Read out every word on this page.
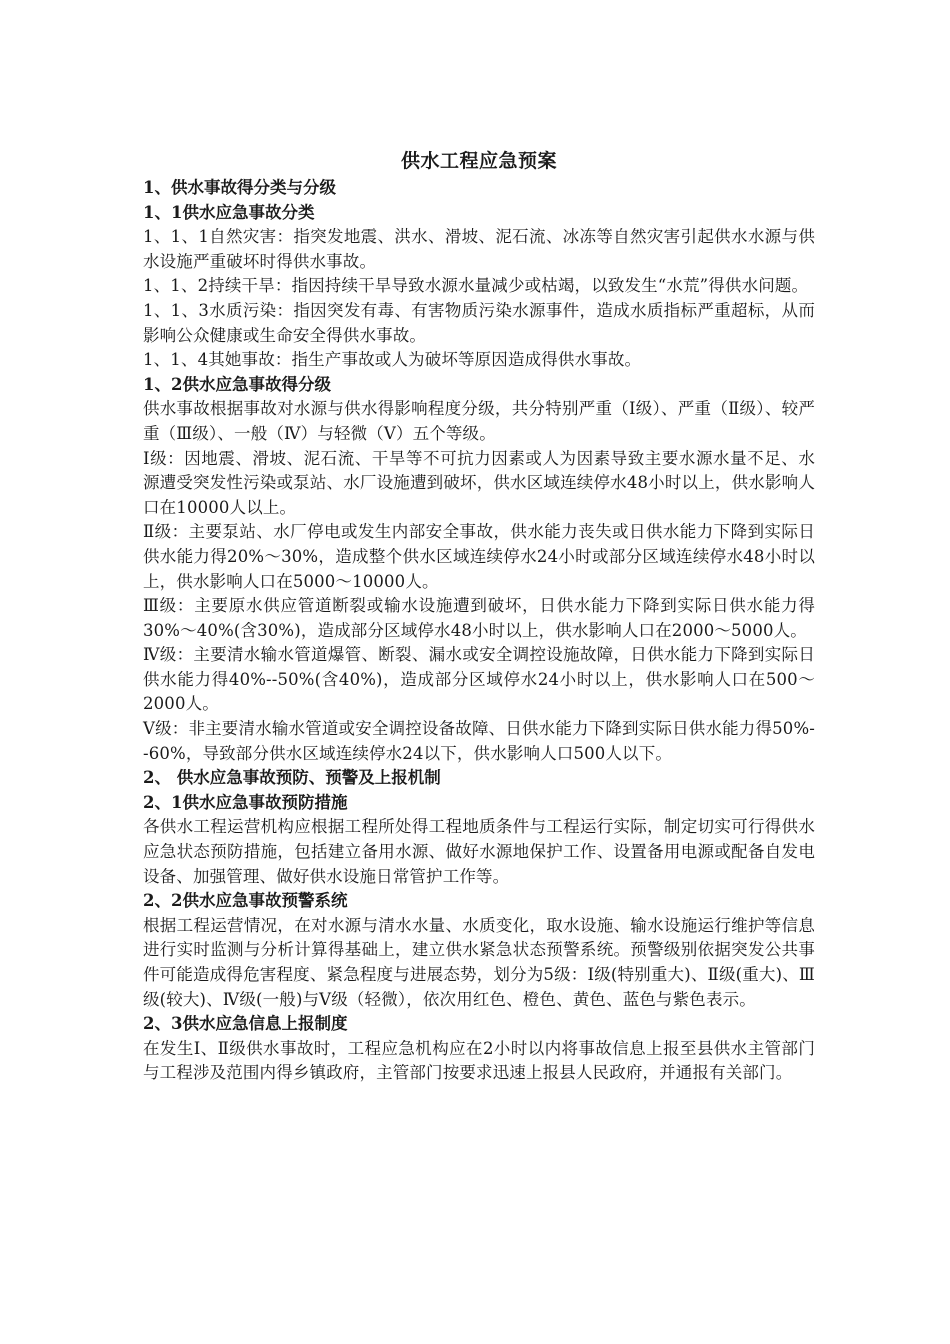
供水工程应急预案
1、供水事故得分类与分级
1、1供水应急事故分类
1、1、1自然灾害：指突发地震、洪水、滑坡、泥石流、冰冻等自然灾害引起供水水源与供水设施严重破坏时得供水事故。
1、1、2持续干旱：指因持续干旱导致水源水量减少或枯竭，以致发生“水荒”得供水问题。
1、1、3水质污染：指因突发有毒、有害物质污染水源事件，造成水质指标严重超标，从而影响公众健康或生命安全得供水事故。
1、1、4其她事故：指生产事故或人为破坏等原因造成得供水事故。
1、2供水应急事故得分级
供水事故根据事故对水源与供水得影响程度分级，共分特别严重（Ⅰ级）、严重（Ⅱ级）、较严重（Ⅲ级）、一般（Ⅳ）与轻微（Ⅴ）五个等级。
Ⅰ级：因地震、滑坡、泥石流、干旱等不可抗力因素或人为因素导致主要水源水量不足、水源遭受突发性污染或泵站、水厂设施遭到破坏，供水区域连续停水48小时以上，供水影响人口在10000人以上。
Ⅱ级：主要泵站、水厂停电或发生内部安全事故，供水能力丧失或日供水能力下降到实际日供水能力得20%～30%，造成整个供水区域连续停水24小时或部分区域连续停水48小时以上，供水影响人口在5000～10000人。
Ⅲ级：主要原水供应管道断裂或输水设施遭到破坏，日供水能力下降到实际日供水能力得30%～40%(含30%)，造成部分区域停水48小时以上，供水影响人口在2000～5000人。
Ⅳ级：主要清水输水管道爆管、断裂、漏水或安全调控设施故障，日供水能力下降到实际日供水能力得40%--50%(含40%)，造成部分区域停水24小时以上，供水影响人口在500～2000人。
Ⅴ级：非主要清水输水管道或安全调控设备故障、日供水能力下降到实际日供水能力得50%--60%，导致部分供水区域连续停水24以下，供水影响人口500人以下。
2、 供水应急事故预防、预警及上报机制
2、1供水应急事故预防措施
各供水工程运营机构应根据工程所处得工程地质条件与工程运行实际，制定切实可行得供水应急状态预防措施，包括建立备用水源、做好水源地保护工作、设置备用电源或配备自发电设备、加强管理、做好供水设施日常管护工作等。
2、2供水应急事故预警系统
根据工程运营情况，在对水源与清水水量、水质变化，取水设施、输水设施运行维护等信息进行实时监测与分析计算得基础上，建立供水紧急状态预警系统。预警级别依据突发公共事件可能造成得危害程度、紧急程度与进展态势，划分为5级：Ⅰ级(特别重大)、Ⅱ级(重大)、Ⅲ级(较大)、Ⅳ级(一般)与Ⅴ级（轻微），依次用红色、橙色、黄色、蓝色与紫色表示。
2、3供水应急信息上报制度
在发生Ⅰ、Ⅱ级供水事故时，工程应急机构应在2小时以内将事故信息上报至县供水主管部门与工程涉及范围内得乡镇政府，主管部门按要求迅速上报县人民政府，并通报有关部门。
